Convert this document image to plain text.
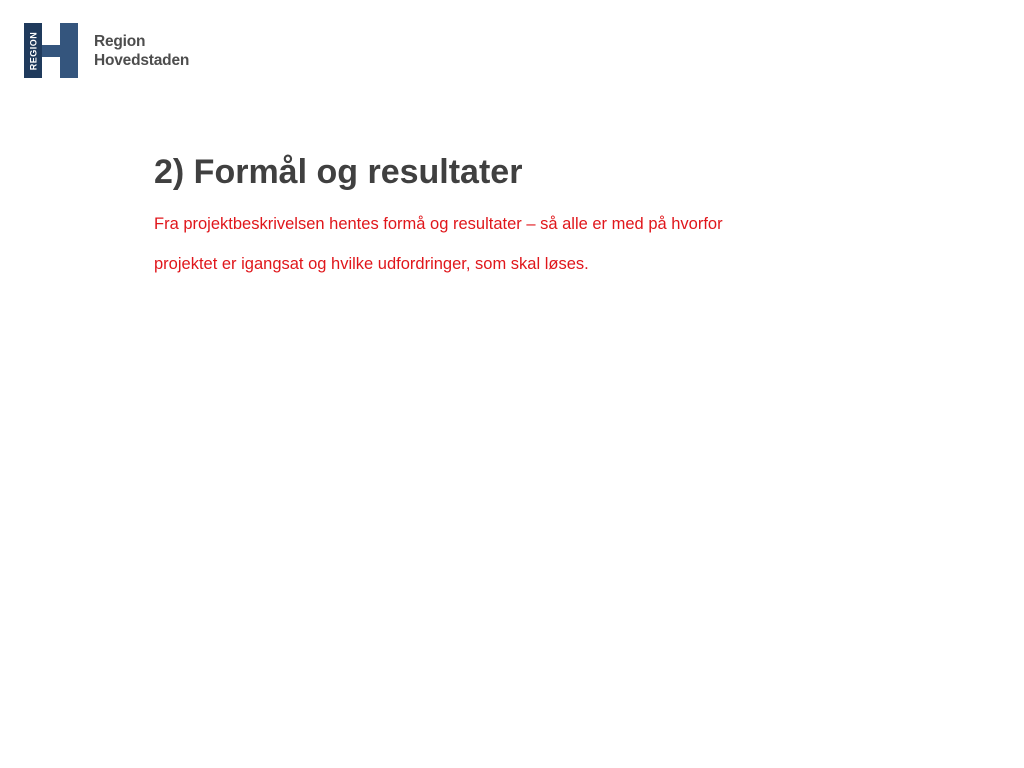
REGION	Region
Hovedstaden
2) Formål og resultater

Fra projektbeskrivelsen hentes formå og resultater – så alle er med på hvorfor
projektet er igangsat og hvilke udfordringer, som skal løses.
